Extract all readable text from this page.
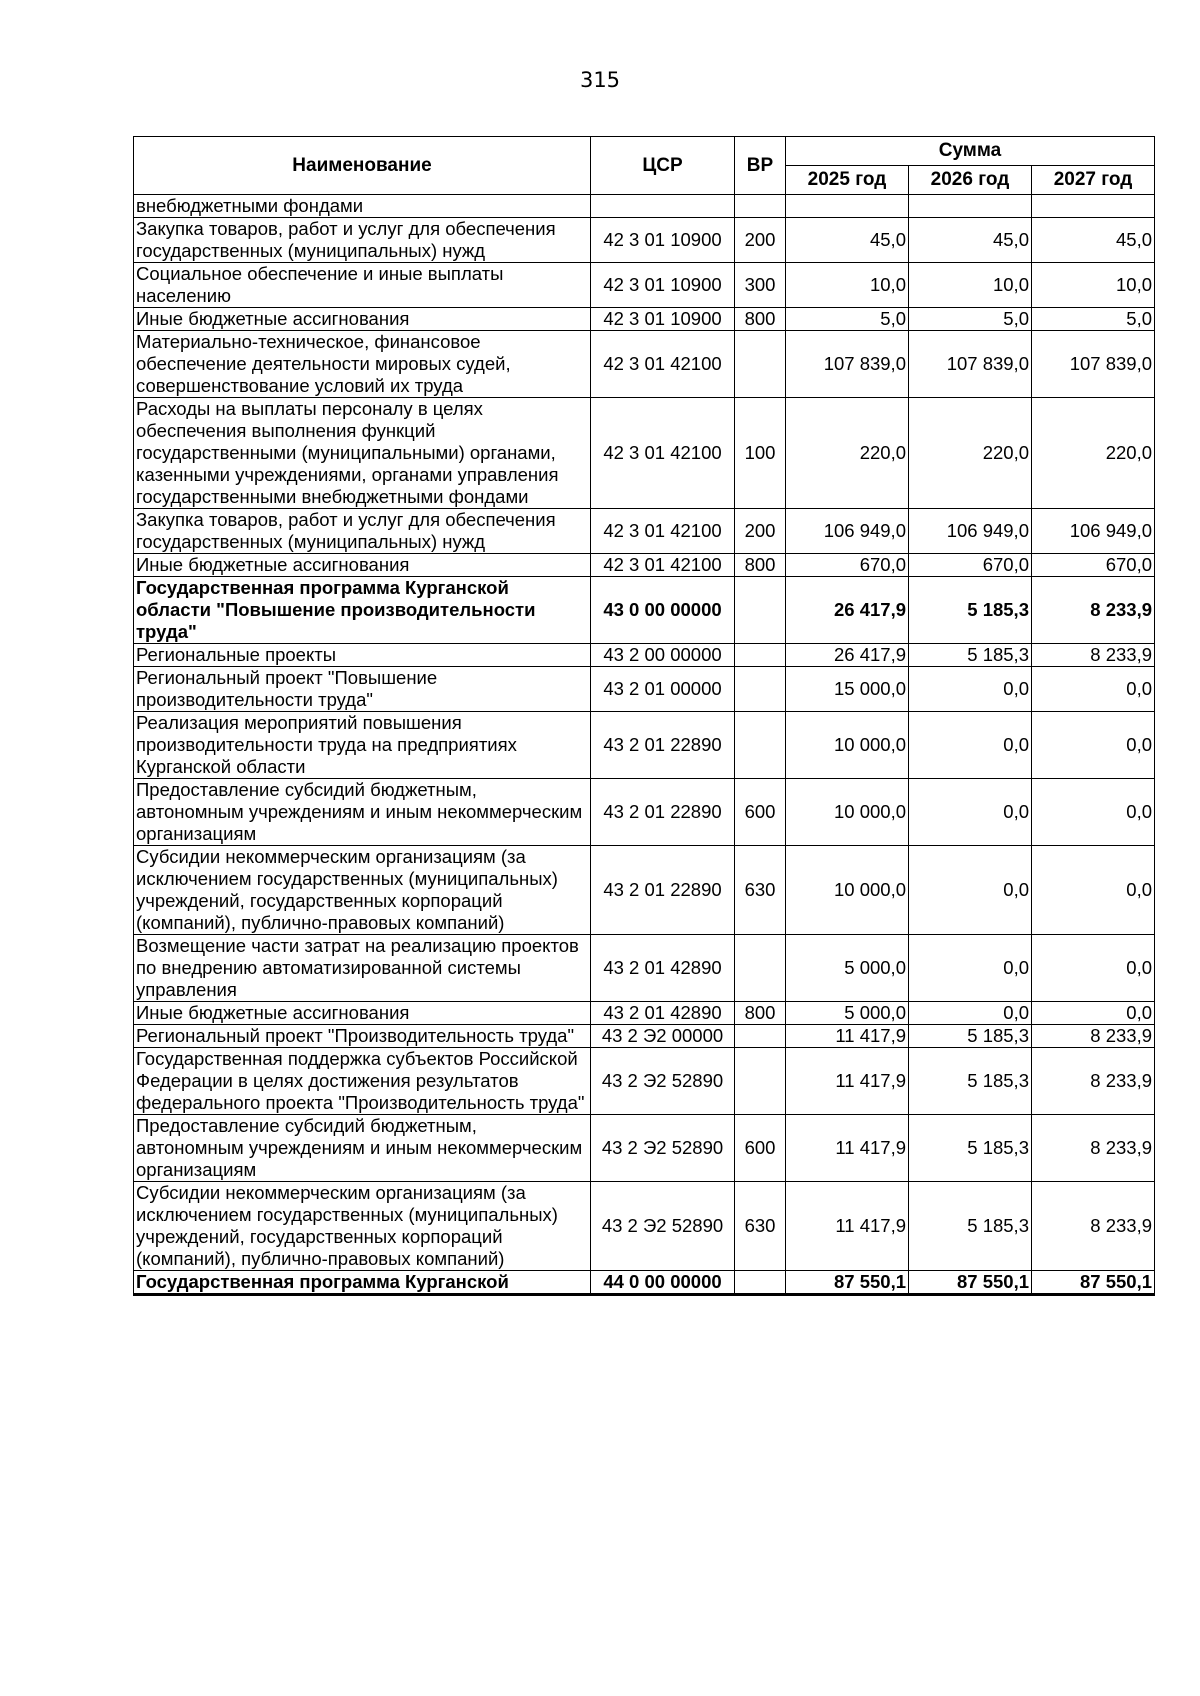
315
Наименование	ЦСР	ВР	Сумма		
			2025 год	2026 год	2027 год
внебюджетными фондами					
Закупка товаров, работ и услуг для обеспечения государственных (муниципальных) нужд	42 3 01 10900	200	45,0	45,0	45,0
Социальное обеспечение и иные выплаты населению	42 3 01 10900	300	10,0	10,0	10,0
Иные бюджетные ассигнования	42 3 01 10900	800	5,0	5,0	5,0
Материально-техническое, финансовое обеспечение деятельности мировых судей, совершенствование условий их труда	42 3 01 42100		107 839,0	107 839,0	107 839,0
Расходы на выплаты персоналу в целях обеспечения выполнения функций государственными (муниципальными) органами, казенными учреждениями, органами управления государственными внебюджетными фондами	42 3 01 42100	100	220,0	220,0	220,0
Закупка товаров, работ и услуг для обеспечения государственных (муниципальных) нужд	42 3 01 42100	200	106 949,0	106 949,0	106 949,0
Иные бюджетные ассигнования	42 3 01 42100	800	670,0	670,0	670,0
Государственная программа Курганской области "Повышение производительности труда"	43 0 00 00000		26 417,9	5 185,3	8 233,9
Региональные проекты	43 2 00 00000		26 417,9	5 185,3	8 233,9
Региональный проект "Повышение производительности труда"	43 2 01 00000		15 000,0	0,0	0,0
Реализация мероприятий повышения производительности труда на предприятиях Курганской области	43 2 01 22890		10 000,0	0,0	0,0
Предоставление субсидий бюджетным, автономным учреждениям и иным некоммерческим организациям	43 2 01 22890	600	10 000,0	0,0	0,0
Субсидии некоммерческим организациям (за исключением государственных (муниципальных) учреждений, государственных корпораций (компаний), публично-правовых компаний)	43 2 01 22890	630	10 000,0	0,0	0,0
Возмещение части затрат на реализацию проектов по внедрению автоматизированной системы управления	43 2 01 42890		5 000,0	0,0	0,0
Иные бюджетные ассигнования	43 2 01 42890	800	5 000,0	0,0	0,0
Региональный проект "Производительность труда"	43 2 Э2 00000		11 417,9	5 185,3	8 233,9
Государственная поддержка субъектов Российской Федерации в целях достижения результатов федерального проекта "Производительность труда"	43 2 Э2 52890		11 417,9	5 185,3	8 233,9
Предоставление субсидий бюджетным, автономным учреждениям и иным некоммерческим организациям	43 2 Э2 52890	600	11 417,9	5 185,3	8 233,9
Субсидии некоммерческим организациям (за исключением государственных (муниципальных) учреждений, государственных корпораций (компаний), публично-правовых компаний)	43 2 Э2 52890	630	11 417,9	5 185,3	8 233,9
Государственная программа Курганской	44 0 00 00000		87 550,1	87 550,1	87 550,1
